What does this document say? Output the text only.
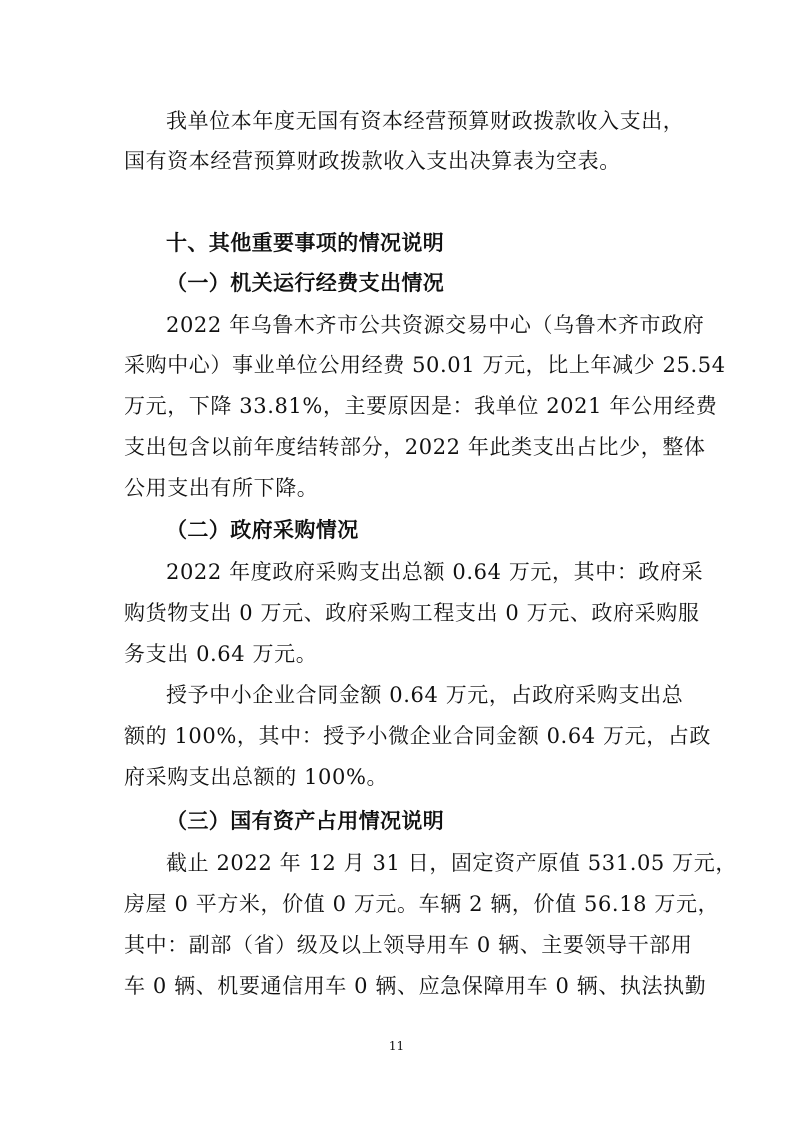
我单位本年度无国有资本经营预算财政拨款收入支出，
国有资本经营预算财政拨款收入支出决算表为空表。
十、其他重要事项的情况说明
（一）机关运行经费支出情况
2022 年乌鲁木齐市公共资源交易中心（乌鲁木齐市政府
采购中心）事业单位公用经费 50.01 万元，比上年减少 25.54
万元，下降 33.81%，主要原因是：我单位 2021 年公用经费
支出包含以前年度结转部分，2022 年此类支出占比少，整体
公用支出有所下降。
（二）政府采购情况
2022 年度政府采购支出总额 0.64 万元，其中：政府采
购货物支出 0 万元、政府采购工程支出 0 万元、政府采购服
务支出 0.64 万元。
授予中小企业合同金额 0.64 万元，占政府采购支出总
额的 100%，其中：授予小微企业合同金额 0.64 万元，占政
府采购支出总额的 100%。
（三）国有资产占用情况说明
截止 2022 年 12 月 31 日，固定资产原值 531.05 万元，
房屋 0 平方米，价值 0 万元。车辆 2 辆，价值 56.18 万元，
其中：副部（省）级及以上领导用车 0 辆、主要领导干部用
车 0 辆、机要通信用车 0 辆、应急保障用车 0 辆、执法执勤
11
